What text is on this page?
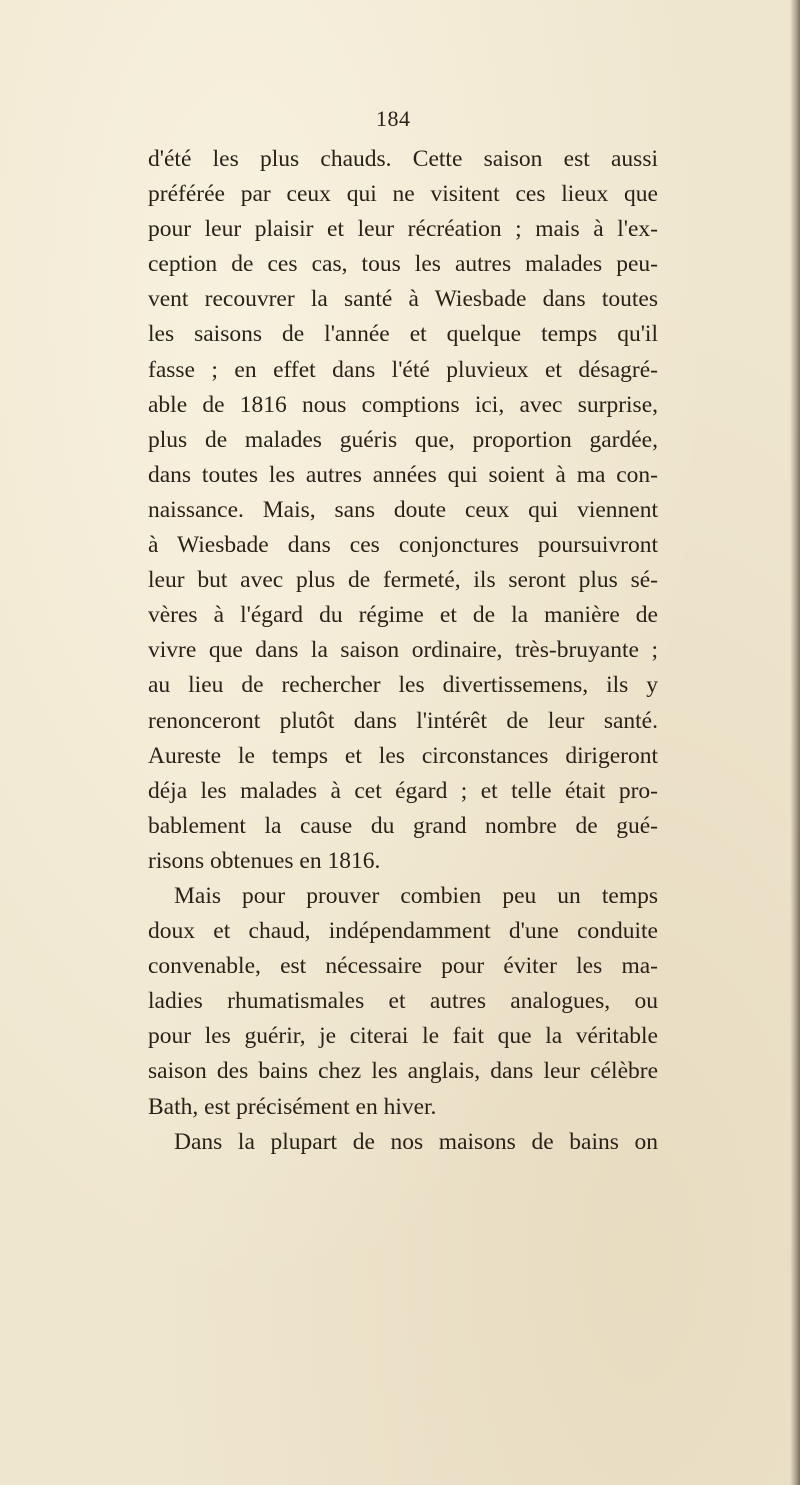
184
d'été les plus chauds. Cette saison est aussi
préférée par ceux qui ne visitent ces lieux que
pour leur plaisir et leur récréation ; mais à l'ex-
ception de ces cas, tous les autres malades peu-
vent recouvrer la santé à Wiesbade dans toutes
les saisons de l'année et quelque temps qu'il
fasse ; en effet dans l'été pluvieux et désagré-
able de 1816 nous comptions ici, avec surprise,
plus de malades guéris que, proportion gardée,
dans toutes les autres années qui soient à ma con-
naissance. Mais, sans doute ceux qui viennent
à Wiesbade dans ces conjonctures poursuivront
leur but avec plus de fermeté, ils seront plus sé-
vères à l'égard du régime et de la manière de
vivre que dans la saison ordinaire, très-bruyante ;
au lieu de rechercher les divertissemens, ils y
renonceront plutôt dans l'intérêt de leur santé.
Aureste le temps et les circonstances dirigeront
déja les malades à cet égard ; et telle était pro-
bablement la cause du grand nombre de gué-
risons obtenues en 1816.
Mais pour prouver combien peu un temps
doux et chaud, indépendamment d'une conduite
convenable, est nécessaire pour éviter les ma-
ladies rhumatismales et autres analogues, ou
pour les guérir, je citerai le fait que la véritable
saison des bains chez les anglais, dans leur célèbre
Bath, est précisément en hiver.
Dans la plupart de nos maisons de bains on
